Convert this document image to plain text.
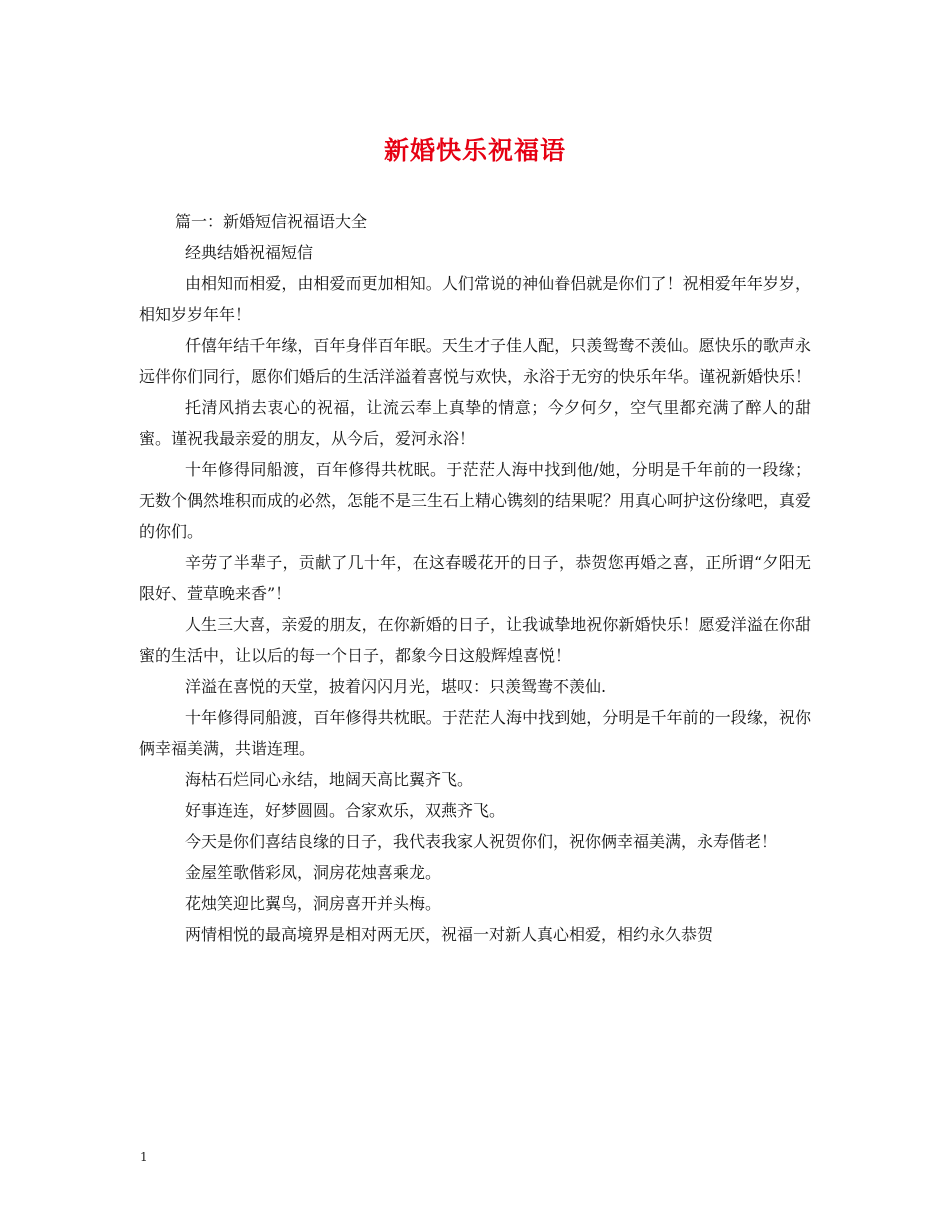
新婚快乐祝福语

篇一：新婚短信祝福语大全

经典结婚祝福短信

由相知而相爱，由相爱而更加相知。人们常说的神仙眷侣就是你们了！祝相爱年年岁岁，相知岁岁年年！

仟僖年结千年缘，百年身伴百年眠。天生才子佳人配，只羡鸳鸯不羡仙。愿快乐的歌声永远伴你们同行，愿你们婚后的生活洋溢着喜悦与欢快，永浴于无穷的快乐年华。谨祝新婚快乐！

托清风捎去衷心的祝福，让流云奉上真挚的情意；今夕何夕，空气里都充满了醉人的甜蜜。谨祝我最亲爱的朋友，从今后，爱河永浴！

十年修得同船渡，百年修得共枕眠。于茫茫人海中找到他/她，分明是千年前的一段缘；无数个偶然堆积而成的必然，怎能不是三生石上精心镌刻的结果呢？用真心呵护这份缘吧，真爱的你们。

辛劳了半辈子，贡献了几十年，在这春暖花开的日子，恭贺您再婚之喜，正所谓“夕阳无限好、萱草晚来香”！

人生三大喜，亲爱的朋友，在你新婚的日子，让我诚挚地祝你新婚快乐！愿爱洋溢在你甜蜜的生活中，让以后的每一个日子，都象今日这般辉煌喜悦！

洋溢在喜悦的天堂，披着闪闪月光，堪叹：只羡鸳鸯不羡仙.

十年修得同船渡，百年修得共枕眠。于茫茫人海中找到她，分明是千年前的一段缘，祝你俩幸福美满，共谐连理。

海枯石烂同心永结，地阔天高比翼齐飞。

好事连连，好梦圆圆。合家欢乐，双燕齐飞。

今天是你们喜结良缘的日子，我代表我家人祝贺你们，祝你俩幸福美满，永寿偕老！

金屋笙歌偕彩凤，洞房花烛喜乘龙。

花烛笑迎比翼鸟，洞房喜开并头梅。

两情相悦的最高境界是相对两无厌，祝福一对新人真心相爱，相约永久恭贺

1
